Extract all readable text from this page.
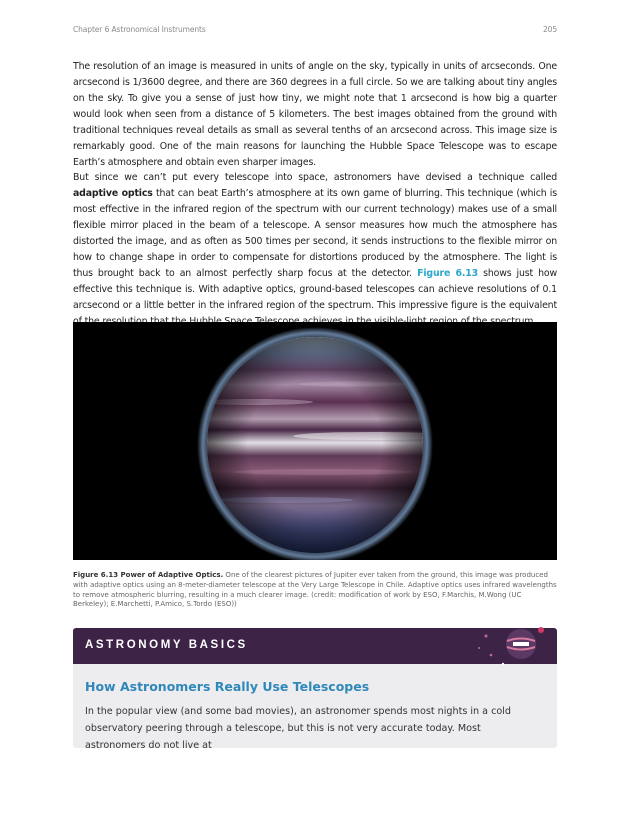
Chapter 6 Astronomical Instruments	205

The resolution of an image is measured in units of angle on the sky, typically in units of arcseconds. One arcsecond is 1/3600 degree, and there are 360 degrees in a full circle. So we are talking about tiny angles on the sky. To give you a sense of just how tiny, we might note that 1 arcsecond is how big a quarter would look when seen from a distance of 5 kilometers. The best images obtained from the ground with traditional techniques reveal details as small as several tenths of an arcsecond across. This image size is remarkably good. One of the main reasons for launching the Hubble Space Telescope was to escape Earth’s atmosphere and obtain even sharper images.

But since we can’t put every telescope into space, astronomers have devised a technique called adaptive optics that can beat Earth’s atmosphere at its own game of blurring. This technique (which is most effective in the infrared region of the spectrum with our current technology) makes use of a small flexible mirror placed in the beam of a telescope. A sensor measures how much the atmosphere has distorted the image, and as often as 500 times per second, it sends instructions to the flexible mirror on how to change shape in order to compensate for distortions produced by the atmosphere. The light is thus brought back to an almost perfectly sharp focus at the detector. Figure 6.13 shows just how effective this technique is. With adaptive optics, ground-based telescopes can achieve resolutions of 0.1 arcsecond or a little better in the infrared region of the spectrum. This impressive figure is the equivalent

Figure 6.13 Power of Adaptive Optics. One of the clearest pictures of Jupiter ever taken from the ground, this image was produced with adaptive optics using an 8-meter-diameter telescope at the Very Large Telescope in Chile. Adaptive optics uses infrared wavelengths to remove atmospheric blurring, resulting in a much clearer image. (credit: modification of work by ESO, F.Marchis, M.Wong (UC Berkeley); E.Marchetti, P.Amico, S.Tordo (ESO))

ASTRONOMY BASICS
How Astronomers Really Use Telescopes

In the popular view (and some bad movies), an astronomer spends most nights in a cold observatory peering through a telescope, but this is not very accurate today. Most astronomers do not live at
